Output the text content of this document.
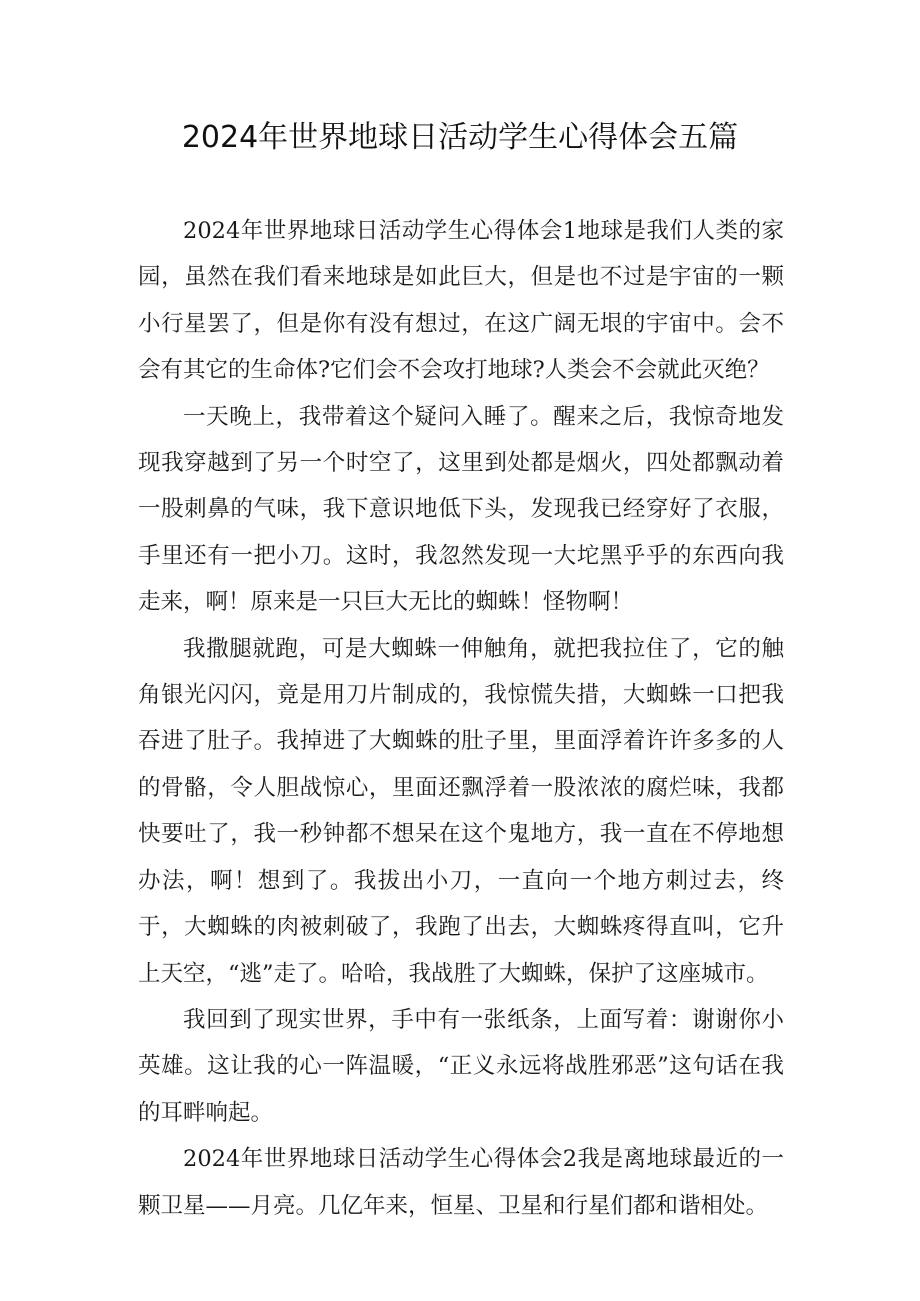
2024年世界地球日活动学生心得体会五篇

2024年世界地球日活动学生心得体会1地球是我们人类的家园，虽然在我们看来地球是如此巨大，但是也不过是宇宙的一颗小行星罢了，但是你有没有想过，在这广阔无垠的宇宙中。会不会有其它的生命体?它们会不会攻打地球?人类会不会就此灭绝？

一天晚上，我带着这个疑问入睡了。醒来之后，我惊奇地发现我穿越到了另一个时空了，这里到处都是烟火，四处都飘动着一股刺鼻的气味，我下意识地低下头，发现我已经穿好了衣服，手里还有一把小刀。这时，我忽然发现一大坨黑乎乎的东西向我走来，啊！原来是一只巨大无比的蜘蛛！怪物啊！

我撒腿就跑，可是大蜘蛛一伸触角，就把我拉住了，它的触角银光闪闪，竟是用刀片制成的，我惊慌失措，大蜘蛛一口把我吞进了肚子。我掉进了大蜘蛛的肚子里，里面浮着许许多多的人的骨骼，令人胆战惊心，里面还飘浮着一股浓浓的腐烂味，我都快要吐了，我一秒钟都不想呆在这个鬼地方，我一直在不停地想办法，啊！想到了。我拔出小刀，一直向一个地方刺过去，终于，大蜘蛛的肉被刺破了，我跑了出去，大蜘蛛疼得直叫，它升上天空，“逃”走了。哈哈，我战胜了大蜘蛛，保护了这座城市。

我回到了现实世界，手中有一张纸条，上面写着：谢谢你小英雄。这让我的心一阵温暖，“正义永远将战胜邪恶”这句话在我的耳畔响起。

2024年世界地球日活动学生心得体会2我是离地球最近的一颗卫星——月亮。几亿年来，恒星、卫星和行星们都和谐相处。
